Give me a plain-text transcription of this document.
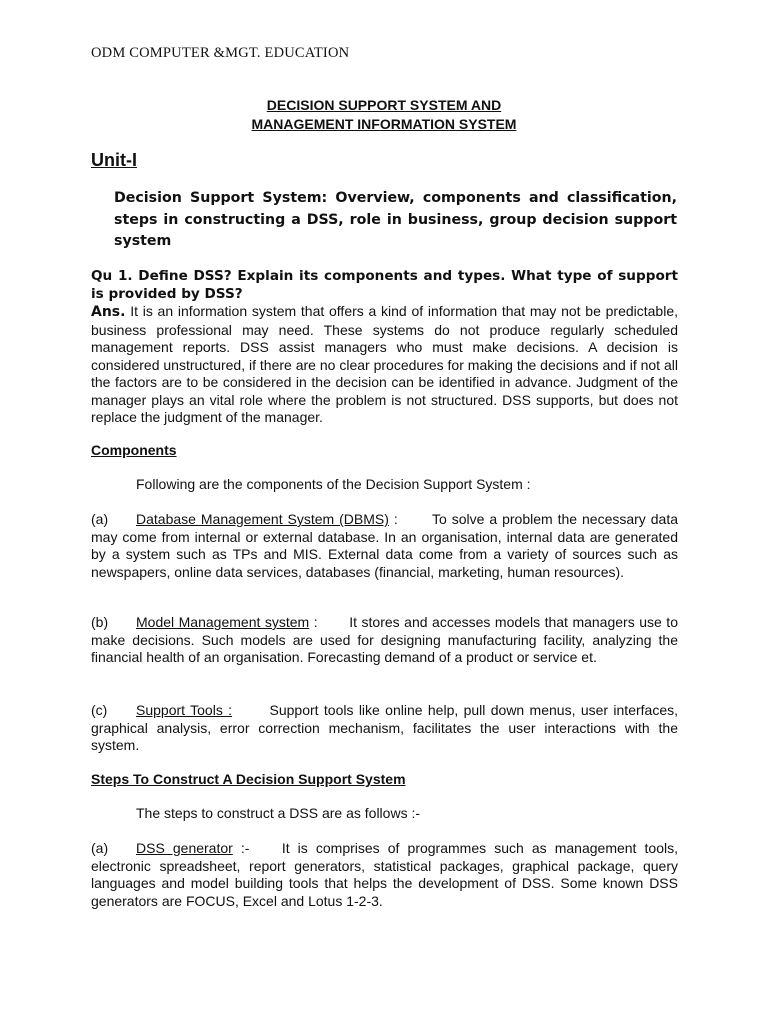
ODM COMPUTER &MGT. EDUCATION
DECISION SUPPORT SYSTEM AND
MANAGEMENT INFORMATION SYSTEM
Unit-I
Decision Support System: Overview, components and classification, steps in constructing a DSS, role in business, group decision support system
Qu 1. Define DSS? Explain its components and types. What type of support is provided by DSS?
Ans. It is an information system that offers a kind of information that may not be predictable, business professional may need. These systems do not produce regularly scheduled management reports. DSS assist managers who must make decisions. A decision is considered unstructured, if there are no clear procedures for making the decisions and if not all the factors are to be considered in the decision can be identified in advance. Judgment of the manager plays an vital role where the problem is not structured. DSS supports, but does not replace the judgment of the manager.
Components
Following are the components of the Decision Support System :
(a) Database Management System (DBMS) :       To solve a problem the necessary data may come from internal or external database. In an organisation, internal data are generated by a system such as TPs and MIS. External data come from a variety of sources such as newspapers, online data services, databases (financial, marketing, human resources).
(b) Model Management system :       It stores and accesses models that managers use to make decisions. Such models are used for designing manufacturing facility, analyzing the financial health of an organisation. Forecasting demand of a product or service et.
(c) Support Tools :	Support tools like online help, pull down menus, user interfaces, graphical analysis, error correction mechanism, facilitates the user interactions with the system.
Steps To Construct A Decision Support System
The steps to construct a DSS are as follows :-
(a) DSS generator :-    It is comprises of programmes such as management tools, electronic spreadsheet, report generators, statistical packages, graphical package, query languages and model building tools that helps the development of DSS. Some known DSS generators are FOCUS, Excel and Lotus 1-2-3.
